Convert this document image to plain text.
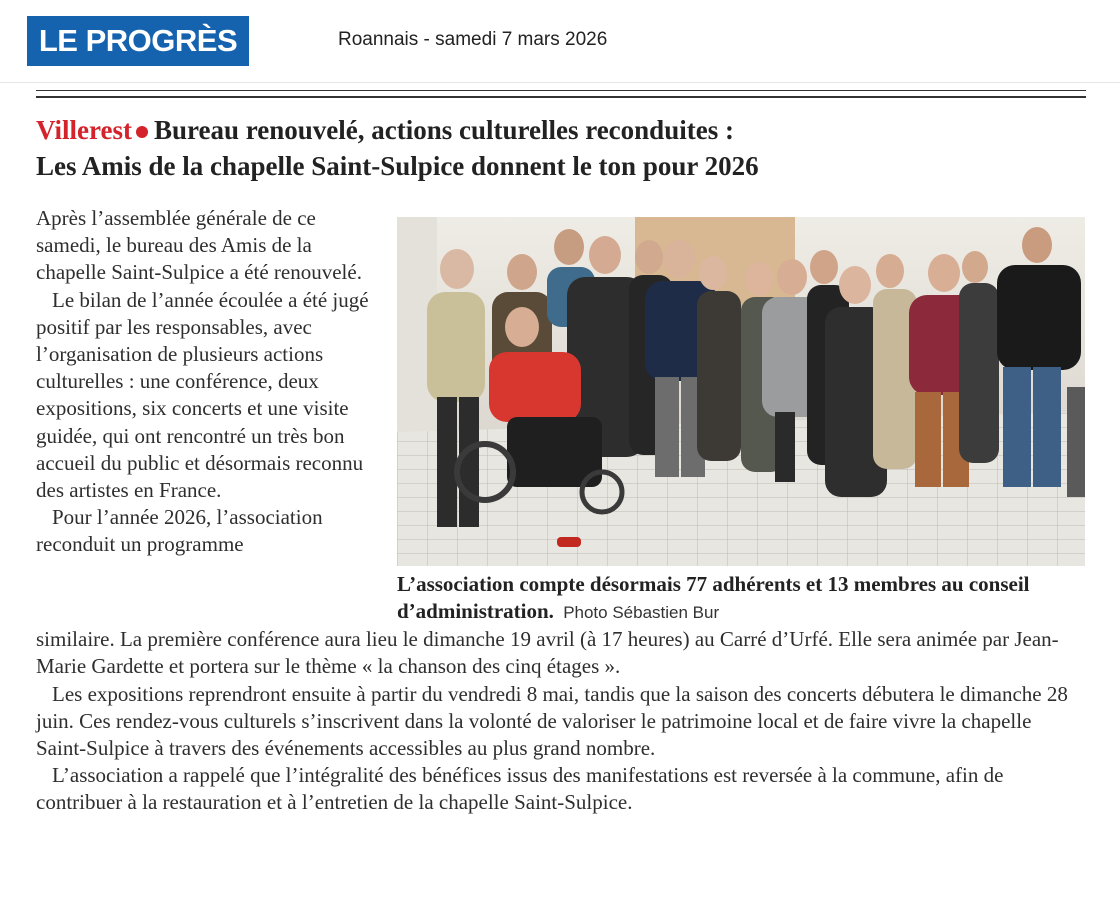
LE PROGRÈS	Roannais - samedi 7 mars 2026
Villerest Bureau renouvelé, actions culturelles reconduites :
Les Amis de la chapelle Saint-Sulpice donnent le ton pour 2026

Après l’assemblée générale de ce samedi, le bureau des Amis de la chapelle Saint-Sulpice a été renouvelé.

Le bilan de l’année écoulée a été jugé positif par les responsables, avec l’organisation de plusieurs actions culturelles : une conférence, deux expositions, six concerts et une visite guidée, qui ont rencontré un très bon accueil du public et désormais reconnu des artistes en France.

Pour l’année 2026, l’association reconduit un programme

L’association compte désormais 77 adhérents et 13 membres au conseil d’administration. Photo Sébastien Bur

similaire. La première conférence aura lieu le dimanche 19 avril (à 17 heures) au Carré d’Urfé. Elle sera animée par Jean-Marie Gardette et portera sur le thème « la chanson des cinq étages ».

Les expositions reprendront ensuite à partir du vendredi 8 mai, tandis que la saison des concerts débutera le dimanche 28 juin. Ces rendez-vous culturels s’inscrivent dans la volonté de valoriser le patrimoine local et de faire vivre la chapelle Saint-Sulpice à travers des événements accessibles au plus grand nombre.

L’association a rappelé que l’intégralité des bénéfices issus des manifestations est reversée à la commune, afin de contribuer à la restauration et à l’entretien de la chapelle Saint-Sulpice.
